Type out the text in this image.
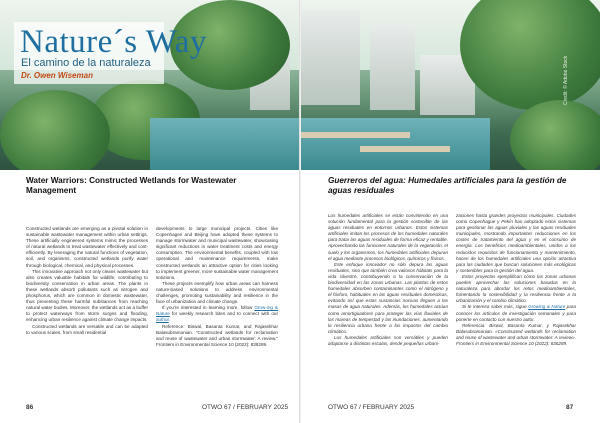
Nature´s Way
El camino de la naturaleza
Dr. Owen Wiseman	Credit: © Adobe Stock
Water Warriors: Constructed Wetlands for Wastewater Management

Constructed wetlands are emerging as a pivotal solution in sustainable wastewater management within urban settings. These artificially engineered systems mimic the processes of natural wetlands to treat wastewater effectively and cost-efficiently. By leveraging the natural functions of vegetation, soil, and organisms, constructed wetlands purify water through biological, chemical, and physical processes.

This innovative approach not only cleans wastewater but also creates valuable habitats for wildlife, contributing to biodiversity conservation in urban areas. The plants in these wetlands absorb pollutants such as nitrogen and phosphorus, which are common in domestic wastewater, thus preventing these harmful substances from reaching natural water bodies. Moreover, the wetlands act as a buffer to protect waterways from storm surges and flooding, enhancing urban resilience against climate change impacts.

Constructed wetlands are versatile and can be adapted to various scales, from small residential

developments to large municipal projects. Cities like Copenhagen and Beijing have adopted these systems to manage stormwater and municipal wastewater, showcasing significant reductions in water treatment costs and energy consumption. The environmental benefits, coupled with low operational and maintenance requirements, make constructed wetlands an attractive option for cities looking to implement greener, more sustainable water management solutions.

These projects exemplify how urban areas can harness nature-based solutions to address environmental challenges, promoting sustainability and resilience in the face of urbanization and climate change.

If you're interested in learning more, follow Grow-ing & Nature for weekly research bites and to connect with our author.

Reference: Biswal, Basanta Kumar, and Rajasekhar Balasubramanian. "Constructed wetlands for reclamation and reuse of wastewater and urban stormwater: A review." Frontiers in Environmental Science 10 (2022): 836289.

86	OTWO 67 / FEBRUARY 2025
Guerreros del agua: Humedales artificiales para la gestión de aguas residuales

Los humedales artificiales se están convirtiendo en una solución fundamental para la gestión sostenible de las aguas residuales en entornos urbanos. Estos sistemas artificiales imitan los procesos de los humedales naturales para tratar las aguas residuales de forma eficaz y rentable. Aprovechando las funciones naturales de la vegetación, el suelo y los organismos, los humedales artificiales depuran el agua mediante procesos biológicos, químicos y físicos.

Este enfoque innovador no sólo depura las aguas residuales, sino que también crea valiosos hábitats para la vida silvestre, contribuyendo a la conservación de la biodiversidad en las zonas urbanas. Las plantas de estos humedales absorben contaminantes como el nitrógeno y el fósforo, habituales en las aguas residuales domésticas, evitando así que estas sustancias nocivas lleguen a las masas de agua naturales. Además, los humedales actúan como amortiguadores para proteger las vías fluviales de las mareas de tempestad y las inundaciones, aumentando la resiliencia urbana frente a los impactos del cambio climático.

Los humedales artificiales son versátiles y pueden adaptarse a distintas escalas, desde pequeñas urbani-

zaciones hasta grandes proyectos municipales. Ciudades como Copenhague y Pekín han adoptado estos sistemas para gestionar las aguas pluviales y las aguas residuales municipales, mostrando importantes reducciones en los costes de tratamiento del agua y en el consumo de energía. Los beneficios medioambientales, unidos a los reducidos requisitos de funcionamiento y mantenimiento, hacen de los humedales artificiales una opción atractiva para las ciudades que buscan soluciones más ecológicas y sostenibles para la gestión del agua.

Estos proyectos ejemplifican cómo las zonas urbanas pueden aprovechar las soluciones basadas en la naturaleza para abordar los retos medioambientales, fomentando la sostenibilidad y la resiliencia frente a la urbanización y el cambio climático.

Si te interesa saber más, sigue Growing & Nature para conocer los artículos de investigación semanales y para ponerte en contacto con nuestro autor.

Referencia: Biswal, Basanta Kumar, y Rajasekhar Balasubramanian. «Constructed wetlands for reclamation and reuse of wastewater and urban stormwater: A review». Frontiers in Environmental Science 10 (2022): 836289.

OTWO 67 / FEBRUARY 2025	87
